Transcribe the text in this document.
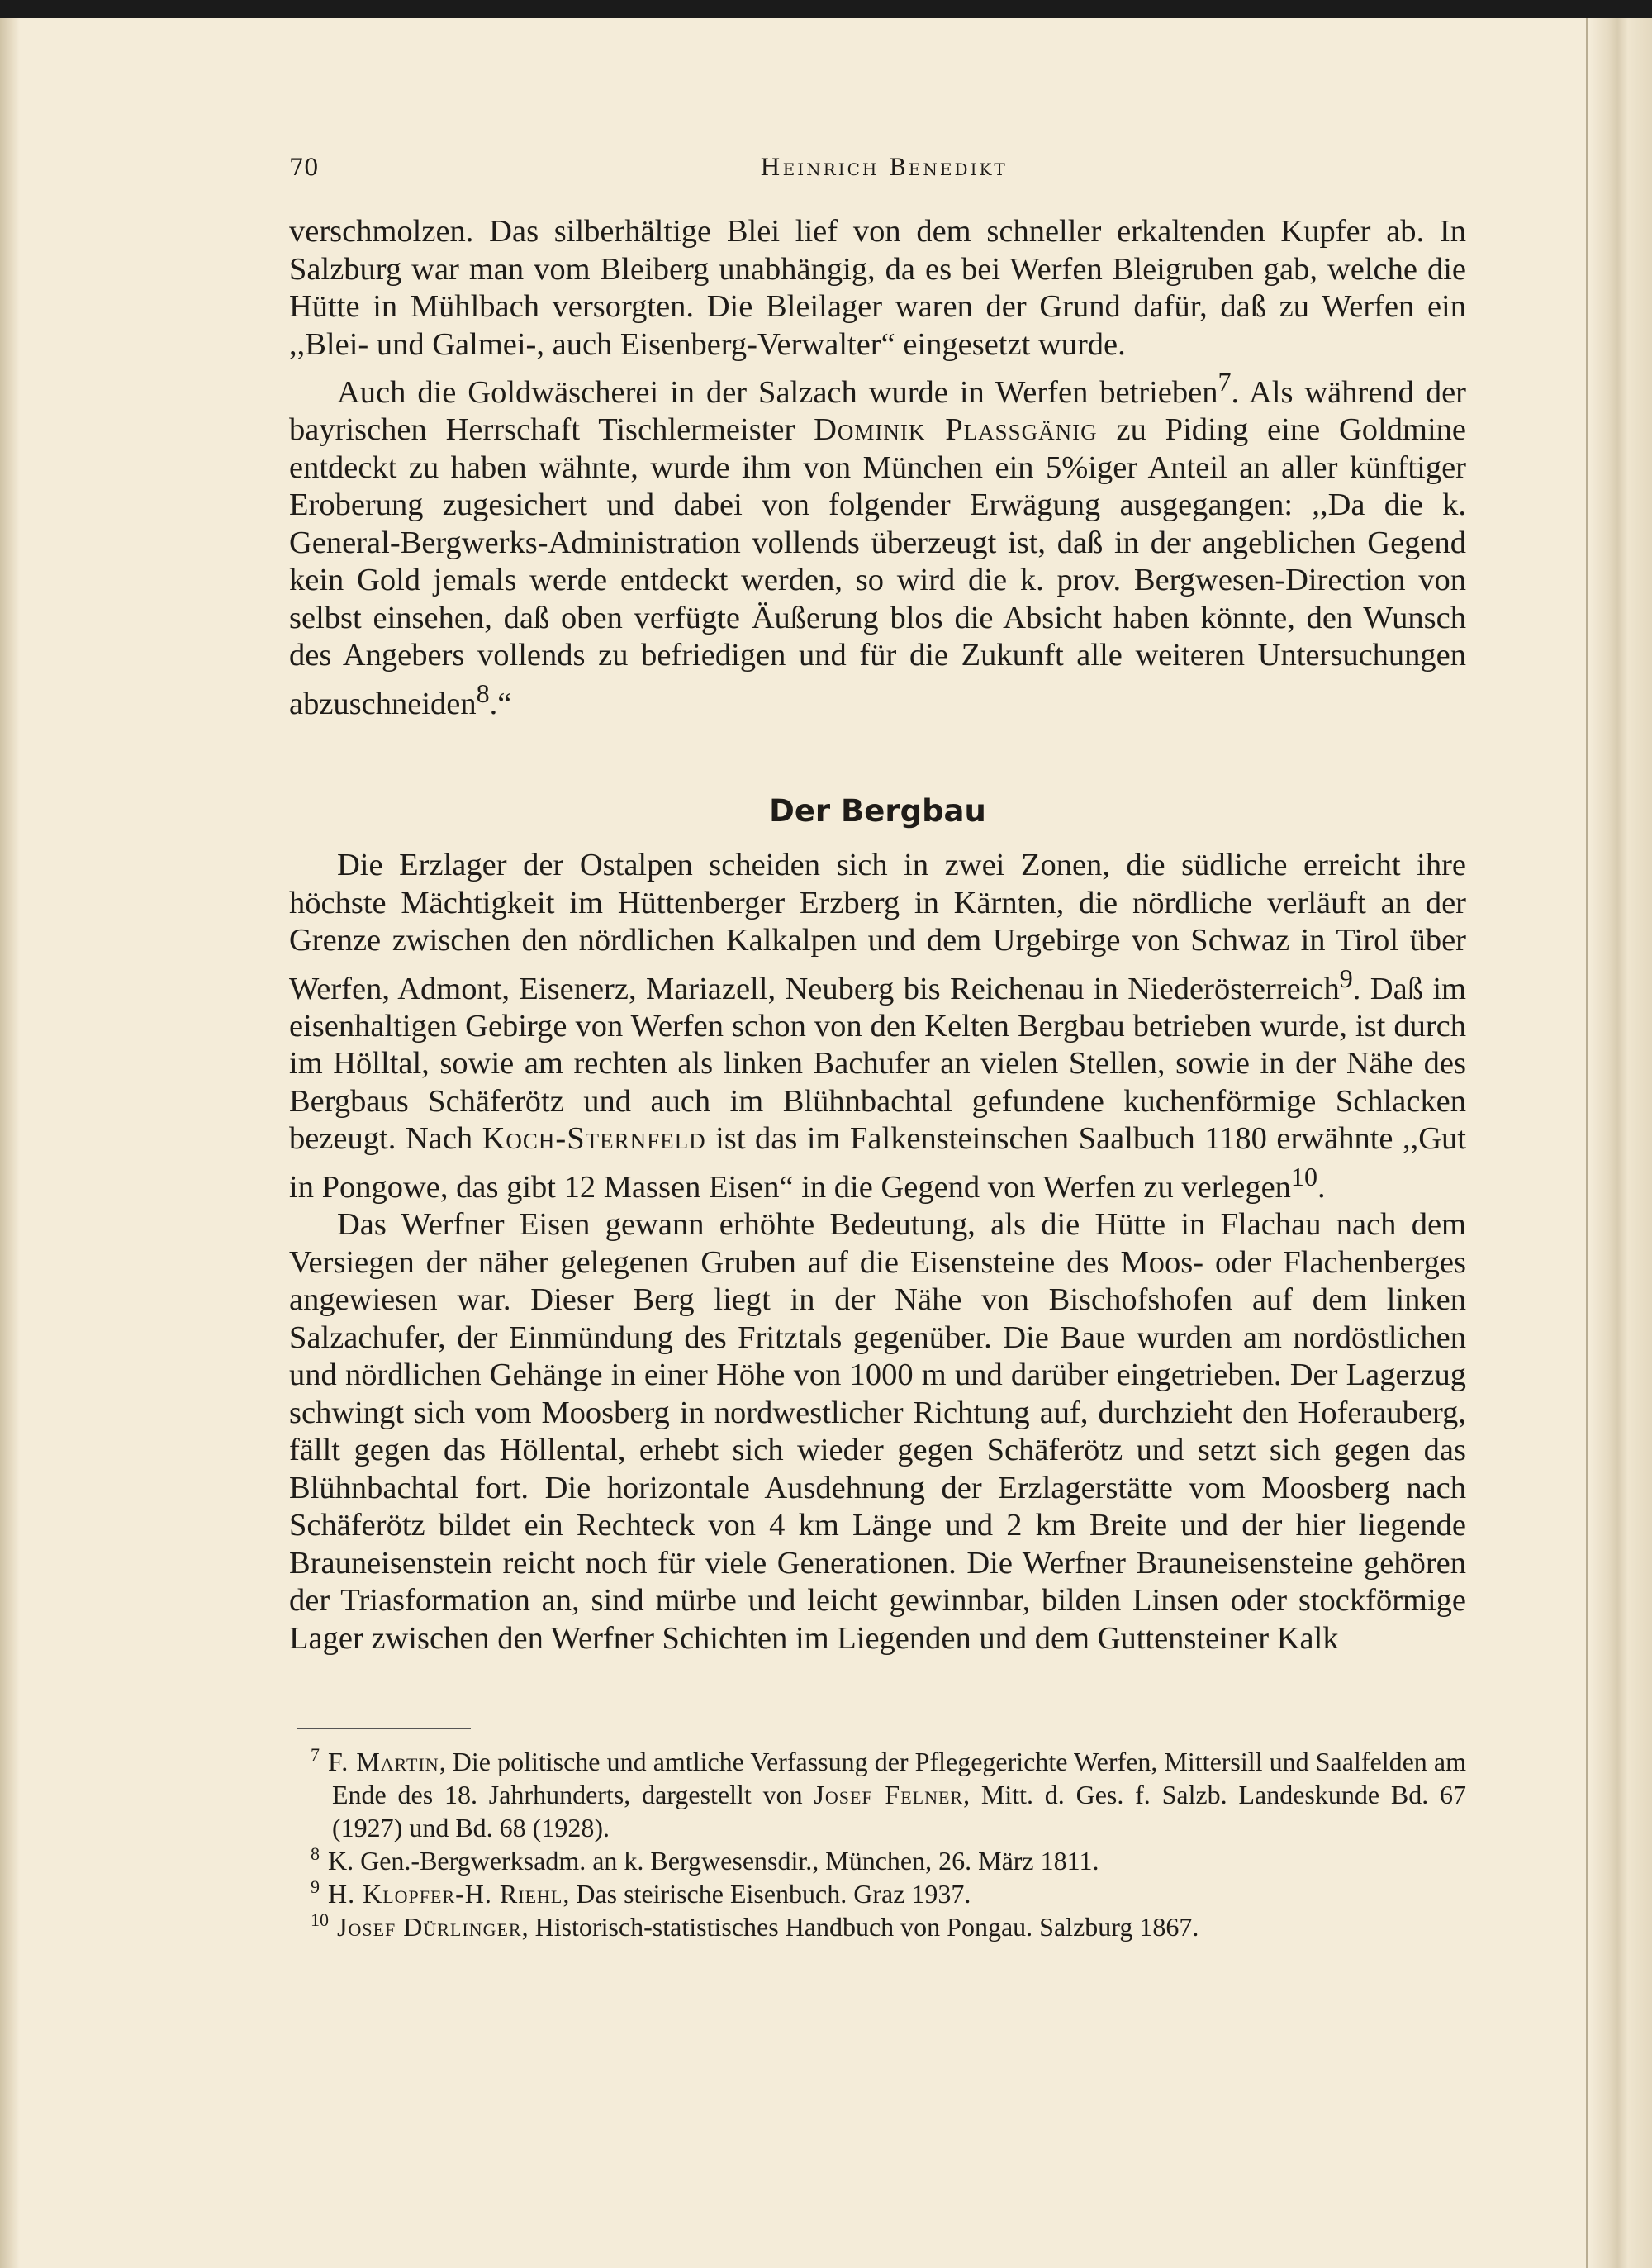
70	Heinrich Benedikt

verschmolzen. Das silberhältige Blei lief von dem schneller erkaltenden Kupfer ab. In Salzburg war man vom Bleiberg unabhängig, da es bei Werfen Bleigruben gab, welche die Hütte in Mühlbach versorgten. Die Bleilager waren der Grund dafür, daß zu Werfen ein ,,Blei- und Galmei-, auch Eisenberg-Verwalter“ eingesetzt wurde.

Auch die Goldwäscherei in der Salzach wurde in Werfen betrieben$^7$. Als während der bayrischen Herrschaft Tischlermeister Dominik Plassgänig zu Piding eine Goldmine entdeckt zu haben wähnte, wurde ihm von München ein 5%iger Anteil an aller künftiger Eroberung zugesichert und dabei von folgender Erwägung ausgegangen: ,,Da die k. General-Bergwerks-Administration vollends überzeugt ist, daß in der angeblichen Gegend kein Gold jemals werde entdeckt werden, so wird die k. prov. Bergwesen-Direction von selbst einsehen, daß oben verfügte Äußerung blos die Absicht haben könnte, den Wunsch des Angebers vollends zu befriedigen und für die Zukunft alle weiteren Untersuchungen abzuschneiden$^8$.“

Der Bergbau

Die Erzlager der Ostalpen scheiden sich in zwei Zonen, die südliche erreicht ihre höchste Mächtigkeit im Hüttenberger Erzberg in Kärnten, die nördliche verläuft an der Grenze zwischen den nördlichen Kalkalpen und dem Urgebirge von Schwaz in Tirol über Werfen, Admont, Eisenerz, Mariazell, Neuberg bis Reichenau in Niederösterreich$^9$. Daß im eisenhaltigen Gebirge von Werfen schon von den Kelten Bergbau betrieben wurde, ist durch im Hölltal, sowie am rechten als linken Bachufer an vielen Stellen, sowie in der Nähe des Bergbaus Schäferötz und auch im Blühnbachtal gefundene kuchenförmige Schlacken bezeugt. Nach Koch-Sternfeld ist das im Falkensteinschen Saalbuch 1180 erwähnte ,,Gut in Pongowe, das gibt 12 Massen Eisen“ in die Gegend von Werfen zu verlegen$^{10}$.

Das Werfner Eisen gewann erhöhte Bedeutung, als die Hütte in Flachau nach dem Versiegen der näher gelegenen Gruben auf die Eisensteine des Moos- oder Flachenberges angewiesen war. Dieser Berg liegt in der Nähe von Bischofshofen auf dem linken Salzachufer, der Einmündung des Fritztals gegenüber. Die Baue wurden am nordöstlichen und nördlichen Gehänge in einer Höhe von 1000 m und darüber eingetrieben. Der Lagerzug schwingt sich vom Moosberg in nordwestlicher Richtung auf, durchzieht den Hoferauberg, fällt gegen das Höllental, erhebt sich wieder gegen Schäferötz und setzt sich gegen das Blühnbachtal fort. Die horizontale Ausdehnung der Erzlagerstätte vom Moosberg nach Schäferötz bildet ein Rechteck von 4 km Länge und 2 km Breite und der hier liegende Brauneisenstein reicht noch für viele Generationen. Die Werfner Brauneisensteine gehören der Triasformation an, sind mürbe und leicht gewinnbar, bilden Linsen oder stockförmige Lager zwischen den Werfner Schichten im Liegenden und dem Guttensteiner Kalk

$^7$ F. Martin, Die politische und amtliche Verfassung der Pflegegerichte Werfen, Mittersill und Saalfelden am Ende des 18. Jahrhunderts, dargestellt von Josef Felner, Mitt. d. Ges. f. Salzb. Landeskunde Bd. 67 (1927) und Bd. 68 (1928).
$^8$ K. Gen.-Bergwerksadm. an k. Bergwesensdir., München, 26. März 1811.
$^9$ H. Klopfer-H. Riehl, Das steirische Eisenbuch. Graz 1937.
$^{10}$ Josef Dürlinger, Historisch-statistisches Handbuch von Pongau. Salzburg 1867.
